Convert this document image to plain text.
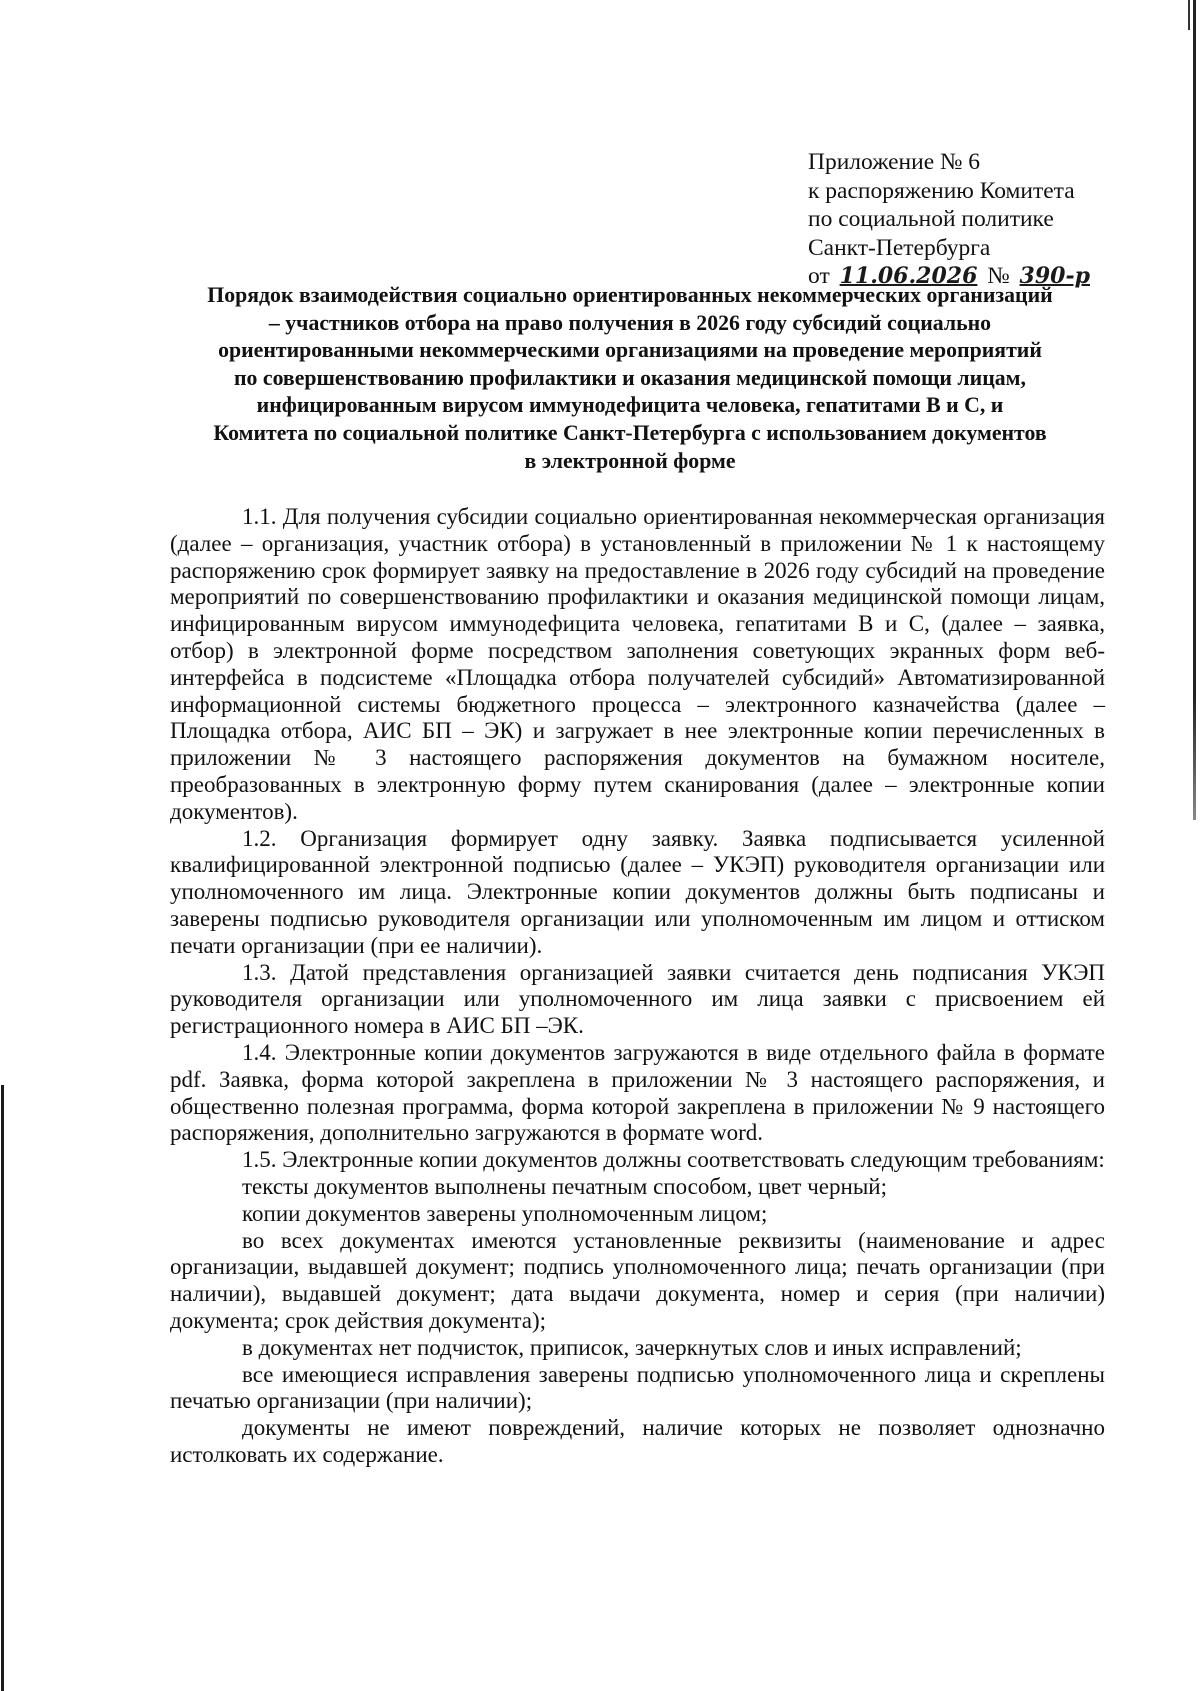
Приложение № 6
к распоряжению Комитета
по социальной политике
Санкт-Петербурга
от 11.06.2026 № 390-р
Порядок взаимодействия социально ориентированных некоммерческих организаций
– участников отбора на право получения в 2026 году субсидий социально
ориентированными некоммерческими организациями на проведение мероприятий
по совершенствованию профилактики и оказания медицинской помощи лицам,
инфицированным вирусом иммунодефицита человека, гепатитами В и С, и
Комитета по социальной политике Санкт-Петербурга с использованием документов
в электронной форме

1.1. Для получения субсидии социально ориентированная некоммерческая организация (далее – организация, участник отбора) в установленный в приложении № 1 к настоящему распоряжению срок формирует заявку на предоставление в 2026 году субсидий на проведение мероприятий по совершенствованию профилактики и оказания медицинской помощи лицам, инфицированным вирусом иммунодефицита человека, гепатитами В и С, (далее – заявка, отбор) в электронной форме посредством заполнения советующих экранных форм веб-интерфейса в подсистеме «Площадка отбора получателей субсидий» Автоматизированной информационной системы бюджетного процесса – электронного казначейства (далее – Площадка отбора, АИС БП – ЭК) и загружает в нее электронные копии перечисленных в приложении № 3 настоящего распоряжения документов на бумажном носителе, преобразованных в электронную форму путем сканирования (далее – электронные копии документов).

1.2. Организация формирует одну заявку. Заявка подписывается усиленной квалифицированной электронной подписью (далее – УКЭП) руководителя организации или уполномоченного им лица. Электронные копии документов должны быть подписаны и заверены подписью руководителя организации или уполномоченным им лицом и оттиском печати организации (при ее наличии).

1.3. Датой представления организацией заявки считается день подписания УКЭП руководителя организации или уполномоченного им лица заявки с присвоением ей регистрационного номера в АИС БП –ЭК.

1.4. Электронные копии документов загружаются в виде отдельного файла в формате pdf. Заявка, форма которой закреплена в приложении № 3 настоящего распоряжения, и общественно полезная программа, форма которой закреплена в приложении № 9 настоящего распоряжения, дополнительно загружаются в формате word.

1.5. Электронные копии документов должны соответствовать следующим требованиям:

тексты документов выполнены печатным способом, цвет черный;

копии документов заверены уполномоченным лицом;

во всех документах имеются установленные реквизиты (наименование и адрес организации, выдавшей документ; подпись уполномоченного лица; печать организации (при наличии), выдавшей документ; дата выдачи документа, номер и серия (при наличии) документа; срок действия документа);

в документах нет подчисток, приписок, зачеркнутых слов и иных исправлений;

все имеющиеся исправления заверены подписью уполномоченного лица и скреплены печатью организации (при наличии);

документы не имеют повреждений, наличие которых не позволяет однозначно истолковать их содержание.
